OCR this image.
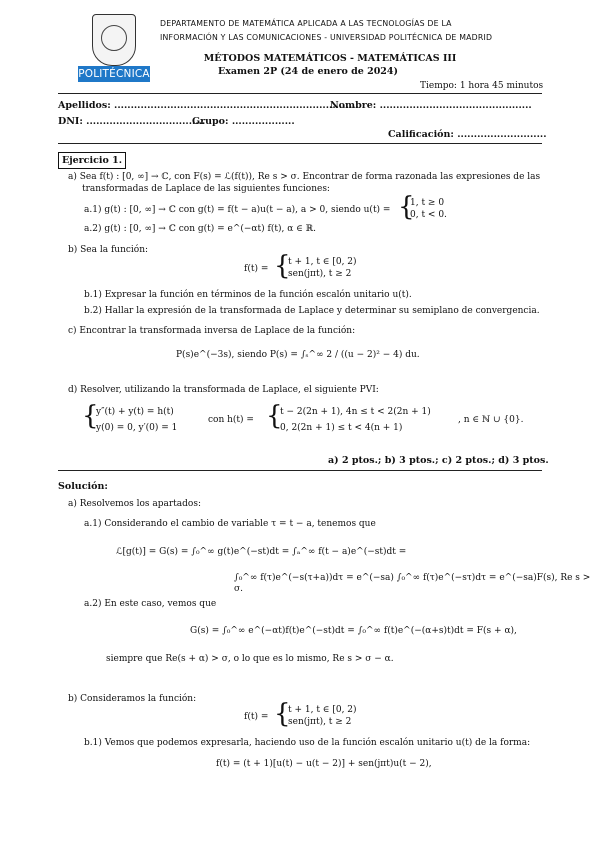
POLITÉCNICA
DEPARTAMENTO DE MATEMÁTICA APLICADA A LAS TECNOLOGÍAS DE LA
INFORMACIÓN Y LAS COMUNICACIONES - UNIVERSIDAD POLITÉCNICA DE MADRID
MÉTODOS MATEMÁTICOS - MATEMÁTICAS III
Examen 2P (24 de enero de 2024)
Tiempo: 1 hora 45 minutos
Apellidos: ..........................................................................
Nombre: ..............................................
DNI: ....................................
Grupo: ...................
Calificación: ...........................
Ejercicio 1.

a) Sea f(t) : [0, ∞] → ℂ, con F(s) = ℒ(f(t)), Re s > σ. Encontrar de forma razonada las expresiones de las

transformadas de Laplace de las siguientes funciones:

a.1) g(t) : [0, ∞] → ℂ con g(t) = f(t − a)u(t − a), a > 0, siendo u(t) = {

1, t ≥ 0

0, t < 0.

a.2) g(t) : [0, ∞] → ℂ con g(t) = e^(−αt) f(t), α ∈ ℝ.

b) Sea la función:

f(t) = {

t + 1, t ∈ [0, 2)

sen(jπt), t ≥ 2

b.1) Expresar la función en términos de la función escalón unitario u(t).

b.2) Hallar la expresión de la transformada de Laplace y determinar su semiplano de convergencia.

c) Encontrar la transformada inversa de Laplace de la función:

P(s)e^(−3s), siendo P(s) = ∫ₛ^∞ 2 / ((u − 2)² − 4) du.

d) Resolver, utilizando la transformada de Laplace, el siguiente PVI:

{

y″(t) + y(t) = h(t)

y(0) = 0, y′(0) = 1

con h(t) = {

t − 2(2n + 1), 4n ≤ t < 2(2n + 1)

0, 2(2n + 1) ≤ t < 4(n + 1)

, n ∈ ℕ ∪ {0}.

a) 2 ptos.; b) 3 ptos.; c) 2 ptos.; d) 3 ptos.

Solución:

a) Resolvemos los apartados:

a.1) Considerando el cambio de variable τ = t − a, tenemos que

ℒ[g(t)] = G(s) = ∫₀^∞ g(t)e^(−st)dt = ∫ₐ^∞ f(t − a)e^(−st)dt =

∫₀^∞ f(τ)e^(−s(τ+a))dτ = e^(−sa) ∫₀^∞ f(τ)e^(−sτ)dτ = e^(−sa)F(s), Re s > σ.

a.2) En este caso, vemos que

G(s) = ∫₀^∞ e^(−αt)f(t)e^(−st)dt = ∫₀^∞ f(t)e^(−(α+s)t)dt = F(s + α),

siempre que Re(s + α) > σ, o lo que es lo mismo, Re s > σ − α.

b) Consideramos la función:

f(t) = {

t + 1, t ∈ [0, 2)

sen(jπt), t ≥ 2

b.1) Vemos que podemos expresarla, haciendo uso de la función escalón unitario u(t) de la forma:

f(t) = (t + 1)[u(t) − u(t − 2)] + sen(jπt)u(t − 2),
